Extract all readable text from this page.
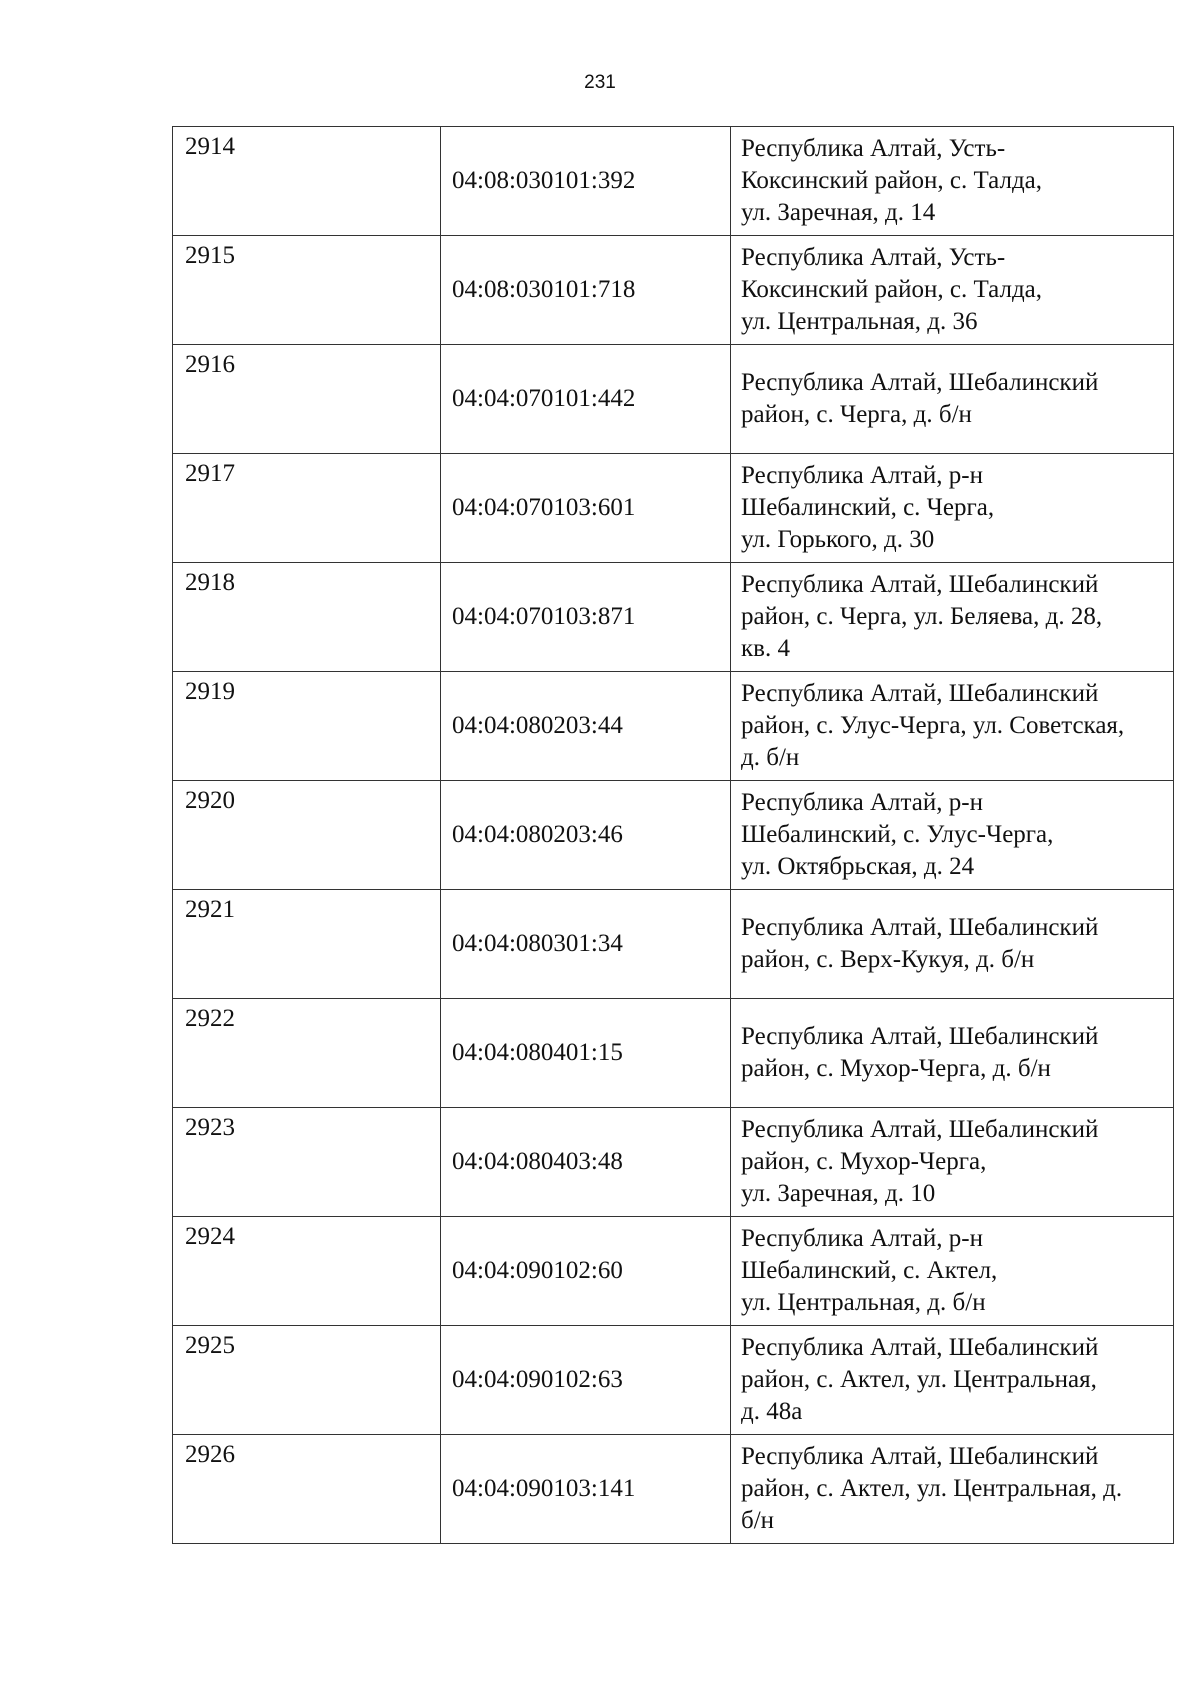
231
2914	04:08:030101:392	Республика Алтай, Усть-
Коксинский район, с. Талда,
ул. Заречная, д. 14

2915	04:08:030101:718	Республика Алтай, Усть-
Коксинский район, с. Талда,
ул. Центральная, д. 36

2916	04:04:070101:442	Республика Алтай, Шебалинский
район, с. Черга, д. б/н

2917	04:04:070103:601	Республика Алтай, р-н
Шебалинский, с. Черга,
ул. Горького, д. 30

2918	04:04:070103:871	Республика Алтай, Шебалинский
район, с. Черга, ул. Беляева, д. 28,
кв. 4

2919	04:04:080203:44	Республика Алтай, Шебалинский
район, с. Улус-Черга, ул. Советская,
д. б/н

2920	04:04:080203:46	Республика Алтай, р-н
Шебалинский, с. Улус-Черга,
ул. Октябрьская, д. 24

2921	04:04:080301:34	Республика Алтай, Шебалинский
район, с. Верх-Кукуя, д. б/н

2922	04:04:080401:15	Республика Алтай, Шебалинский
район, с. Мухор-Черга, д. б/н

2923	04:04:080403:48	Республика Алтай, Шебалинский
район, с. Мухор-Черга,
ул. Заречная, д. 10

2924	04:04:090102:60	Республика Алтай, р-н
Шебалинский, с. Актел,
ул. Центральная, д. б/н

2925	04:04:090102:63	Республика Алтай, Шебалинский
район, с. Актел, ул. Центральная,
д. 48а

2926	04:04:090103:141	Республика Алтай, Шебалинский
район, с. Актел, ул. Центральная, д.
б/н
